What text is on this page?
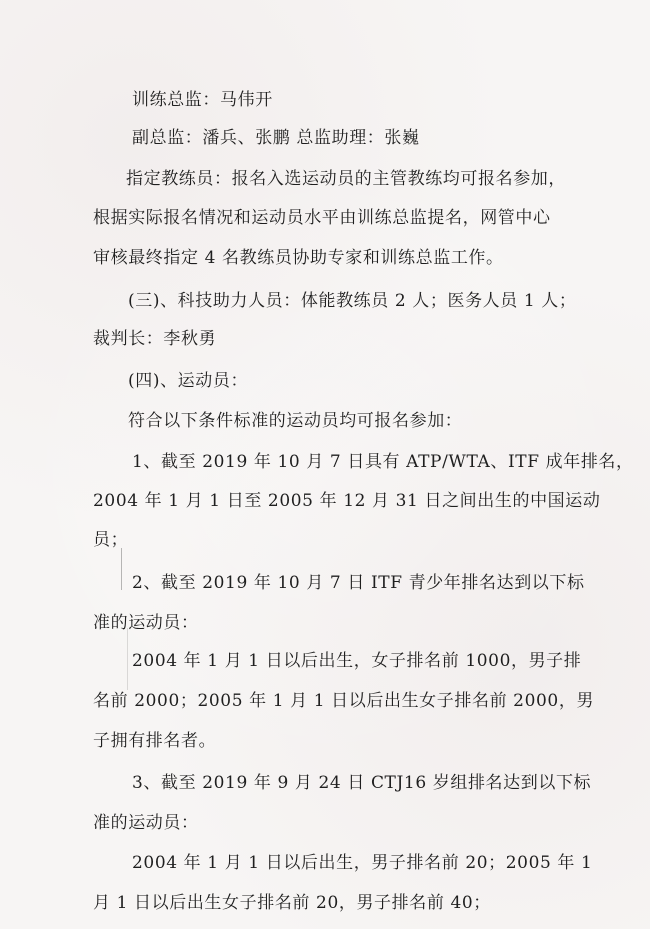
训练总监：马伟开
副总监：潘兵、张鹏 总监助理：张巍
指定教练员：报名入选运动员的主管教练均可报名参加，
根据实际报名情况和运动员水平由训练总监提名，网管中心
审核最终指定 4 名教练员协助专家和训练总监工作。
(三)、科技助力人员：体能教练员 2 人；医务人员 1 人；
裁判长：李秋勇
(四)、运动员：
符合以下条件标准的运动员均可报名参加：
1、截至 2019 年 10 月 7 日具有 ATP/WTA、ITF 成年排名，
2004 年 1 月 1 日至 2005 年 12 月 31 日之间出生的中国运动
员；
2、截至 2019 年 10 月 7 日 ITF 青少年排名达到以下标
准的运动员：
2004 年 1 月 1 日以后出生，女子排名前 1000，男子排
名前 2000；2005 年 1 月 1 日以后出生女子排名前 2000，男
子拥有排名者。
3、截至 2019 年 9 月 24 日 CTJ16 岁组排名达到以下标
准的运动员：
2004 年 1 月 1 日以后出生，男子排名前 20；2005 年 1
月 1 日以后出生女子排名前 20，男子排名前 40；
